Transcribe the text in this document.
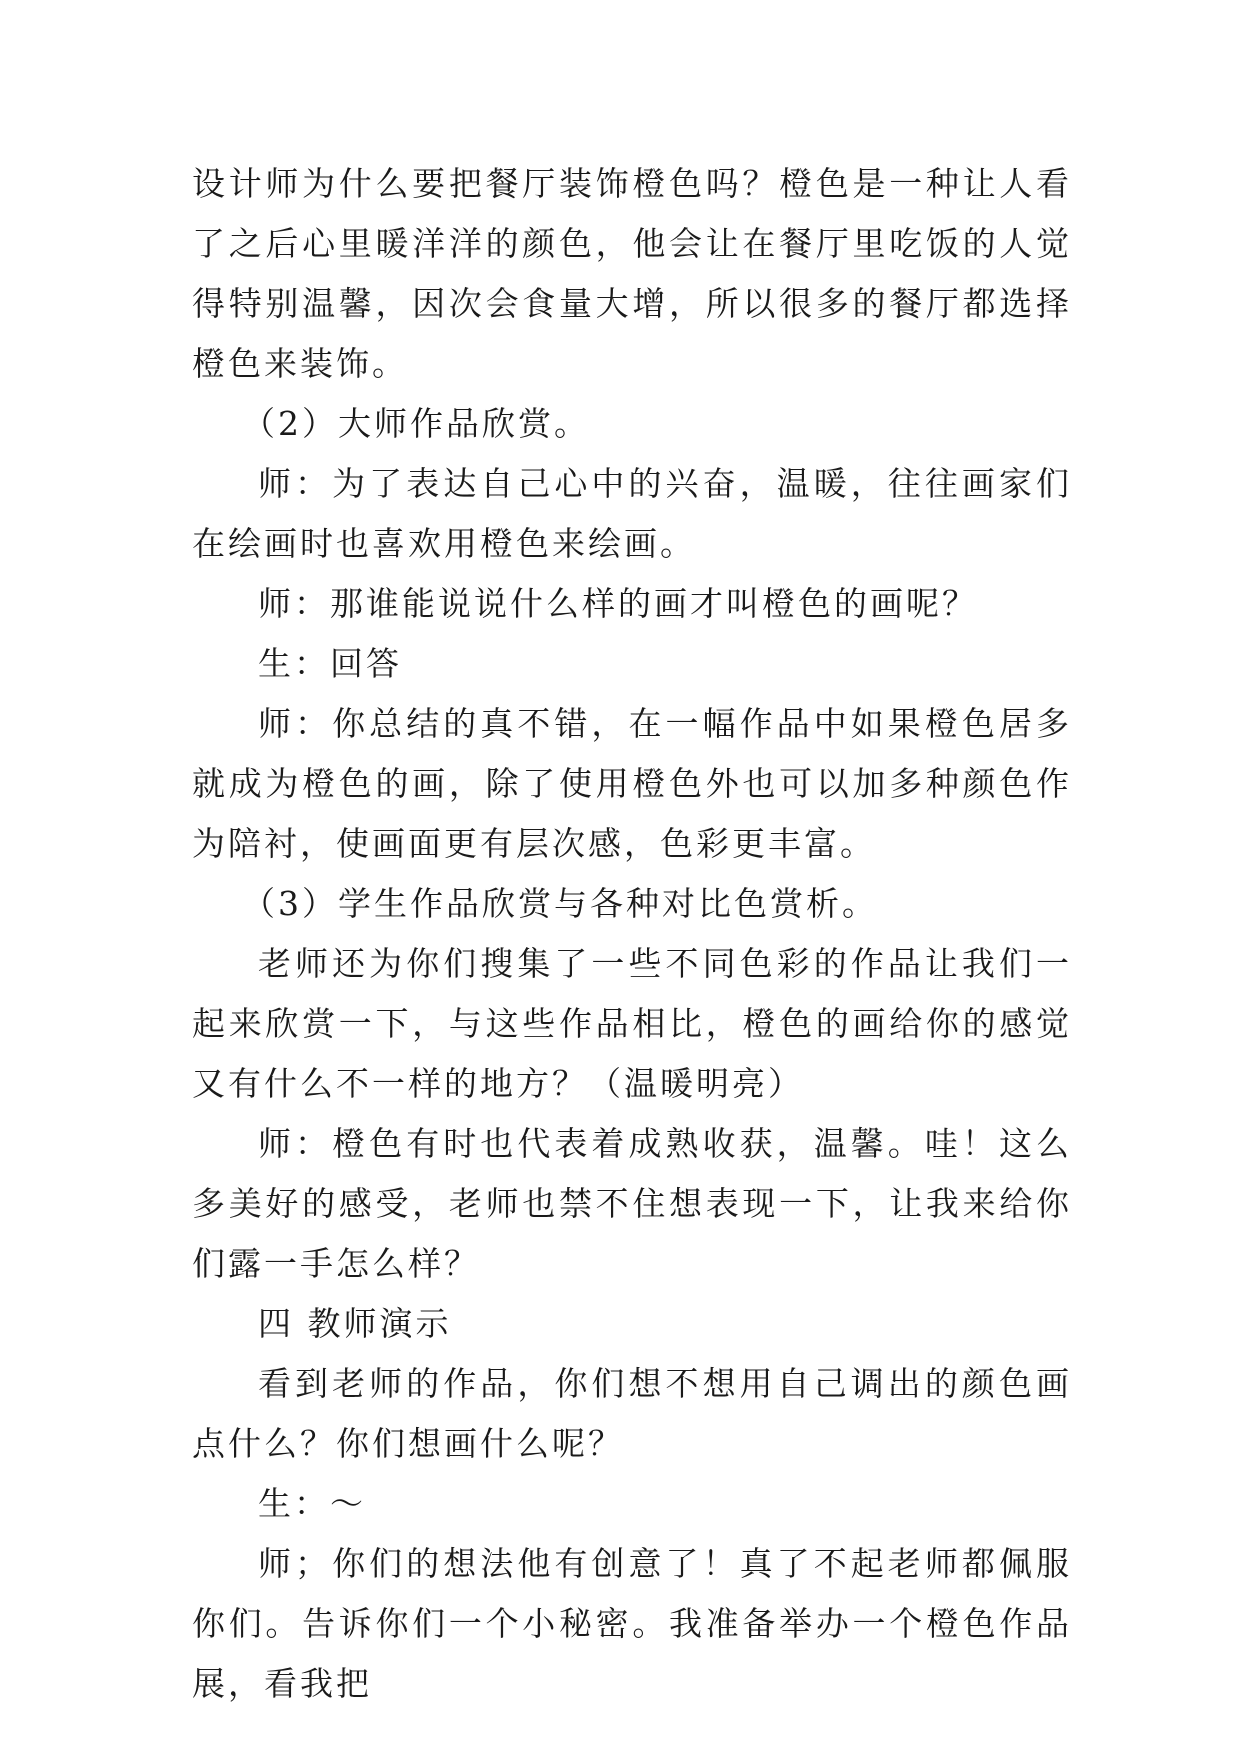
设计师为什么要把餐厅装饰橙色吗？橙色是一种让人看了之后心里暖洋洋的颜色，他会让在餐厅里吃饭的人觉得特别温馨，因次会食量大增，所以很多的餐厅都选择橙色来装饰。

（2）大师作品欣赏。

师：为了表达自己心中的兴奋，温暖，往往画家们在绘画时也喜欢用橙色来绘画。

师：那谁能说说什么样的画才叫橙色的画呢？

生：回答

师：你总结的真不错，在一幅作品中如果橙色居多就成为橙色的画，除了使用橙色外也可以加多种颜色作为陪衬，使画面更有层次感，色彩更丰富。

（3）学生作品欣赏与各种对比色赏析。

老师还为你们搜集了一些不同色彩的作品让我们一起来欣赏一下，与这些作品相比，橙色的画给你的感觉又有什么不一样的地方？（温暖明亮）

师：橙色有时也代表着成熟收获，温馨。哇！这么多美好的感受，老师也禁不住想表现一下，让我来给你们露一手怎么样？

四 教师演示

看到老师的作品，你们想不想用自己调出的颜色画点什么？你们想画什么呢？

生：～

师；你们的想法他有创意了！真了不起老师都佩服你们。告诉你们一个小秘密。我准备举办一个橙色作品展，看我把
